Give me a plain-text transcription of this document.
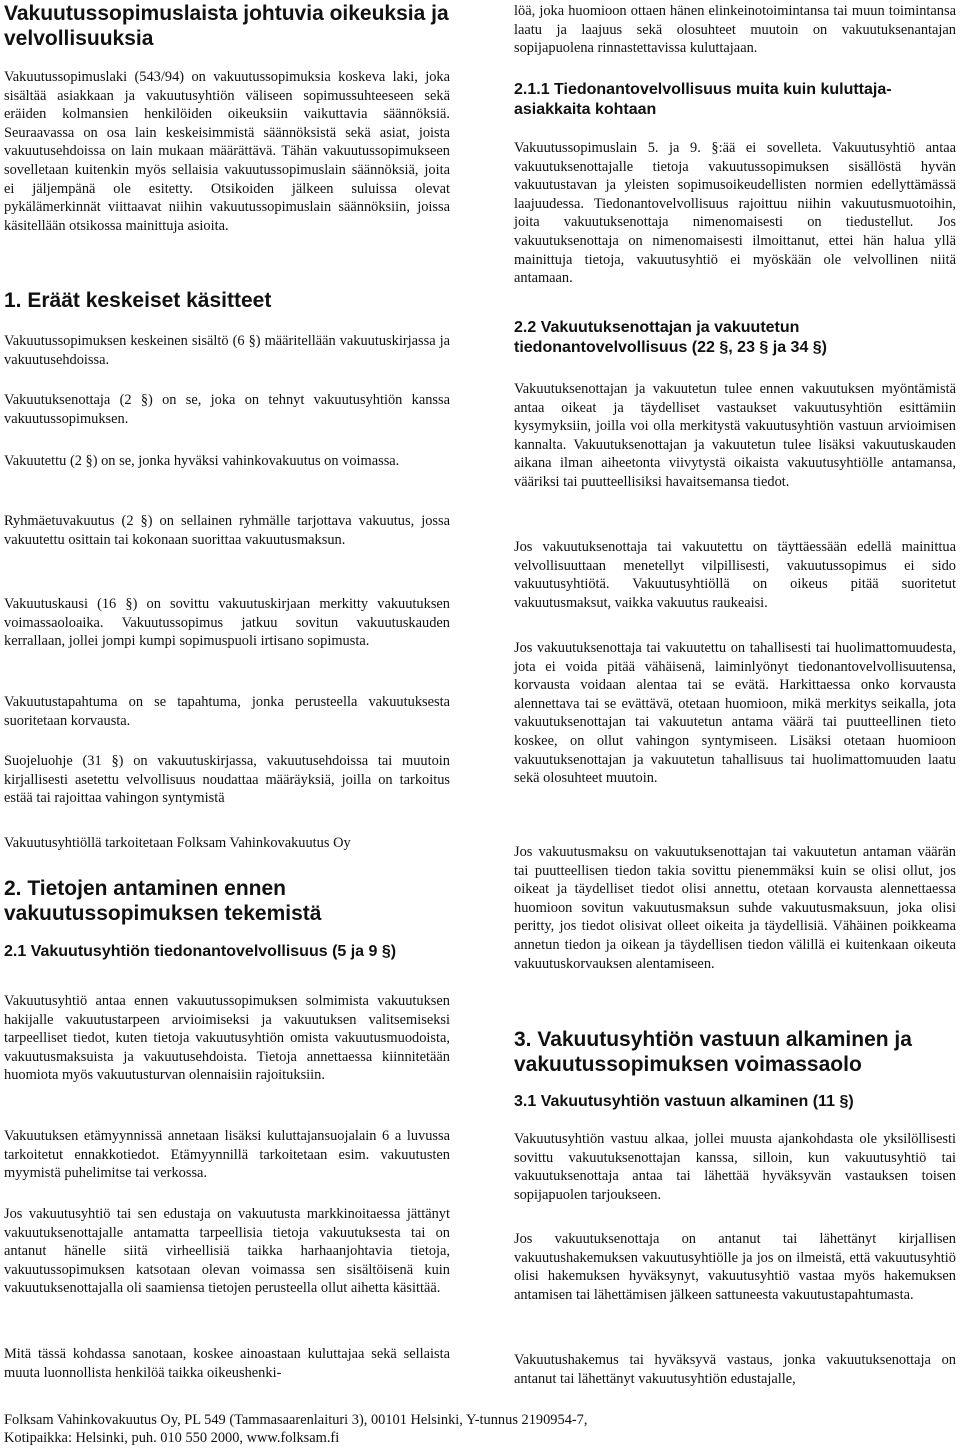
Vakuutussopimuslaista johtuvia oikeuksia ja velvollisuuksia

Vakuutussopimuslaki (543/94) on vakuutussopimuksia koskeva laki, joka sisältää asiakkaan ja vakuutusyhtiön väliseen sopimussuhteeseen sekä eräiden kolmansien henkilöiden oikeuksiin vaikuttavia säännöksiä. Seuraavassa on osa lain keskeisimmistä säännöksistä sekä asiat, joista vakuutusehdoissa on lain mukaan määrättävä. Tähän vakuutussopimukseen sovelletaan kuitenkin myös sellaisia vakuutussopimuslain säännöksiä, joita ei jäljempänä ole esitetty. Otsikoiden jälkeen suluissa olevat pykälämerkinnät viittaavat niihin vakuutussopimuslain säännöksiin, joissa käsitellään otsikossa mainittuja asioita.

1. Eräät keskeiset käsitteet

Vakuutussopimuksen keskeinen sisältö (6 §) määritellään vakuutuskirjassa ja vakuutusehdoissa.

Vakuutuksenottaja (2 §) on se, joka on tehnyt vakuutusyhtiön kanssa vakuutussopimuksen.

Vakuutettu (2 §) on se, jonka hyväksi vahinkovakuutus on voimassa.

Ryhmäetuvakuutus (2 §) on sellainen ryhmälle tarjottava vakuutus, jossa vakuutettu osittain tai kokonaan suorittaa vakuutusmaksun.

Vakuutuskausi (16 §) on sovittu vakuutuskirjaan merkitty vakuutuksen voimassaoloaika. Vakuutussopimus jatkuu sovitun vakuutuskauden kerrallaan, jollei jompi kumpi sopimuspuoli irtisano sopimusta.

Vakuutustapahtuma on se tapahtuma, jonka perusteella vakuutuksesta suoritetaan korvausta.

Suojeluohje (31 §) on vakuutuskirjassa, vakuutusehdoissa tai muutoin kirjallisesti asetettu velvollisuus noudattaa määräyksiä, joilla on tarkoitus estää tai rajoittaa vahingon syntymistä

Vakuutusyhtiöllä tarkoitetaan Folksam Vahinkovakuutus Oy

2. Tietojen antaminen ennen vakuutussopimuksen tekemistä
2.1 Vakuutusyhtiön tiedonantovelvollisuus (5 ja 9 §)

Vakuutusyhtiö antaa ennen vakuutussopimuksen solmimista vakuutuksen hakijalle vakuutustarpeen arvioimiseksi ja vakuutuksen valitsemiseksi tarpeelliset tiedot, kuten tietoja vakuutusyhtiön omista vakuutusmuodoista, vakuutusmaksuista ja vakuutusehdoista. Tietoja annettaessa kiinnitetään huomiota myös vakuutusturvan olennaisiin rajoituksiin.

Vakuutuksen etämyynnissä annetaan lisäksi kuluttajansuojalain 6 a luvussa tarkoitetut ennakkotiedot. Etämyynnillä tarkoitetaan esim. vakuutusten myymistä puhelimitse tai verkossa.

Jos vakuutusyhtiö tai sen edustaja on vakuutusta markkinoitaessa jättänyt vakuutuksenottajalle antamatta tarpeellisia tietoja vakuutuksesta tai on antanut hänelle siitä virheellisiä taikka harhaanjohtavia tietoja, vakuutussopimuksen katsotaan olevan voimassa sen sisältöisenä kuin vakuutuksenottajalla oli saamiensa tietojen perusteella ollut aihetta käsittää.

Mitä tässä kohdassa sanotaan, koskee ainoastaan kuluttajaa sekä sellaista muuta luonnollista henkilöä taikka oikeushenki-

löä, joka huomioon ottaen hänen elinkeinotoimintansa tai muun toimintansa laatu ja laajuus sekä olosuhteet muutoin on vakuutuksenantajan sopijapuolena rinnastettavissa kuluttajaan.

2.1.1 Tiedonantovelvollisuus muita kuin kuluttaja-asiakkaita kohtaan

Vakuutussopimuslain 5. ja 9. §:ää ei sovelleta. Vakuutusyhtiö antaa vakuutuksenottajalle tietoja vakuutussopimuksen sisällöstä hyvän vakuutustavan ja yleisten sopimusoikeudellisten normien edellyttämässä laajuudessa. Tiedonantovelvollisuus rajoittuu niihin vakuutusmuotoihin, joita vakuutuksenottaja nimenomaisesti on tiedustellut. Jos vakuutuksenottaja on nimenomaisesti ilmoittanut, ettei hän halua yllä mainittuja tietoja, vakuutusyhtiö ei myöskään ole velvollinen niitä antamaan.

2.2 Vakuutuksenottajan ja vakuutetun tiedonantovelvollisuus (22 §, 23 § ja 34 §)

Vakuutuksenottajan ja vakuutetun tulee ennen vakuutuksen myöntämistä antaa oikeat ja täydelliset vastaukset vakuutusyhtiön esittämiin kysymyksiin, joilla voi olla merkitystä vakuutusyhtiön vastuun arvioimisen kannalta. Vakuutuksenottajan ja vakuutetun tulee lisäksi vakuutuskauden aikana ilman aiheetonta viivytystä oikaista vakuutusyhtiölle antamansa, vääriksi tai puutteellisiksi havaitsemansa tiedot.

Jos vakuutuksenottaja tai vakuutettu on täyttäessään edellä mainittua velvollisuuttaan menetellyt vilpillisesti, vakuutussopimus ei sido vakuutusyhtiötä. Vakuutusyhtiöllä on oikeus pitää suoritetut vakuutusmaksut, vaikka vakuutus raukeaisi.

Jos vakuutuksenottaja tai vakuutettu on tahallisesti tai huolimattomuudesta, jota ei voida pitää vähäisenä, laiminlyönyt tiedonantovelvollisuutensa, korvausta voidaan alentaa tai se evätä. Harkittaessa onko korvausta alennettava tai se evättävä, otetaan huomioon, mikä merkitys seikalla, jota vakuutuksenottajan tai vakuutetun antama väärä tai puutteellinen tieto koskee, on ollut vahingon syntymiseen. Lisäksi otetaan huomioon vakuutuksenottajan ja vakuutetun tahallisuus tai huolimattomuuden laatu sekä olosuhteet muutoin.

Jos vakuutusmaksu on vakuutuksenottajan tai vakuutetun antaman väärän tai puutteellisen tiedon takia sovittu pienemmäksi kuin se olisi ollut, jos oikeat ja täydelliset tiedot olisi annettu, otetaan korvausta alennettaessa huomioon sovitun vakuutusmaksun suhde vakuutusmaksuun, joka olisi peritty, jos tiedot olisivat olleet oikeita ja täydellisiä. Vähäinen poikkeama annetun tiedon ja oikean ja täydellisen tiedon välillä ei kuitenkaan oikeuta vakuutuskorvauksen alentamiseen.

3. Vakuutusyhtiön vastuun alkaminen ja vakuutussopimuksen voimassaolo
3.1 Vakuutusyhtiön vastuun alkaminen (11 §)

Vakuutusyhtiön vastuu alkaa, jollei muusta ajankohdasta ole yksilöllisesti sovittu vakuutuksenottajan kanssa, silloin, kun vakuutusyhtiö tai vakuutuksenottaja antaa tai lähettää hyväksyvän vastauksen toisen sopijapuolen tarjoukseen.

Jos vakuutuksenottaja on antanut tai lähettänyt kirjallisen vakuutushakemuksen vakuutusyhtiölle ja jos on ilmeistä, että vakuutusyhtiö olisi hakemuksen hyväksynyt, vakuutusyhtiö vastaa myös hakemuksen antamisen tai lähettämisen jälkeen sattuneesta vakuutustapahtumasta.

Vakuutushakemus tai hyväksyvä vastaus, jonka vakuutuksenottaja on antanut tai lähettänyt vakuutusyhtiön edustajalle,

Folksam Vahinkovakuutus Oy, PL 549 (Tammasaarenlaituri 3), 00101 Helsinki, Y-tunnus 2190954-7,
Kotipaikka: Helsinki, puh. 010 550 2000, www.folksam.fi
